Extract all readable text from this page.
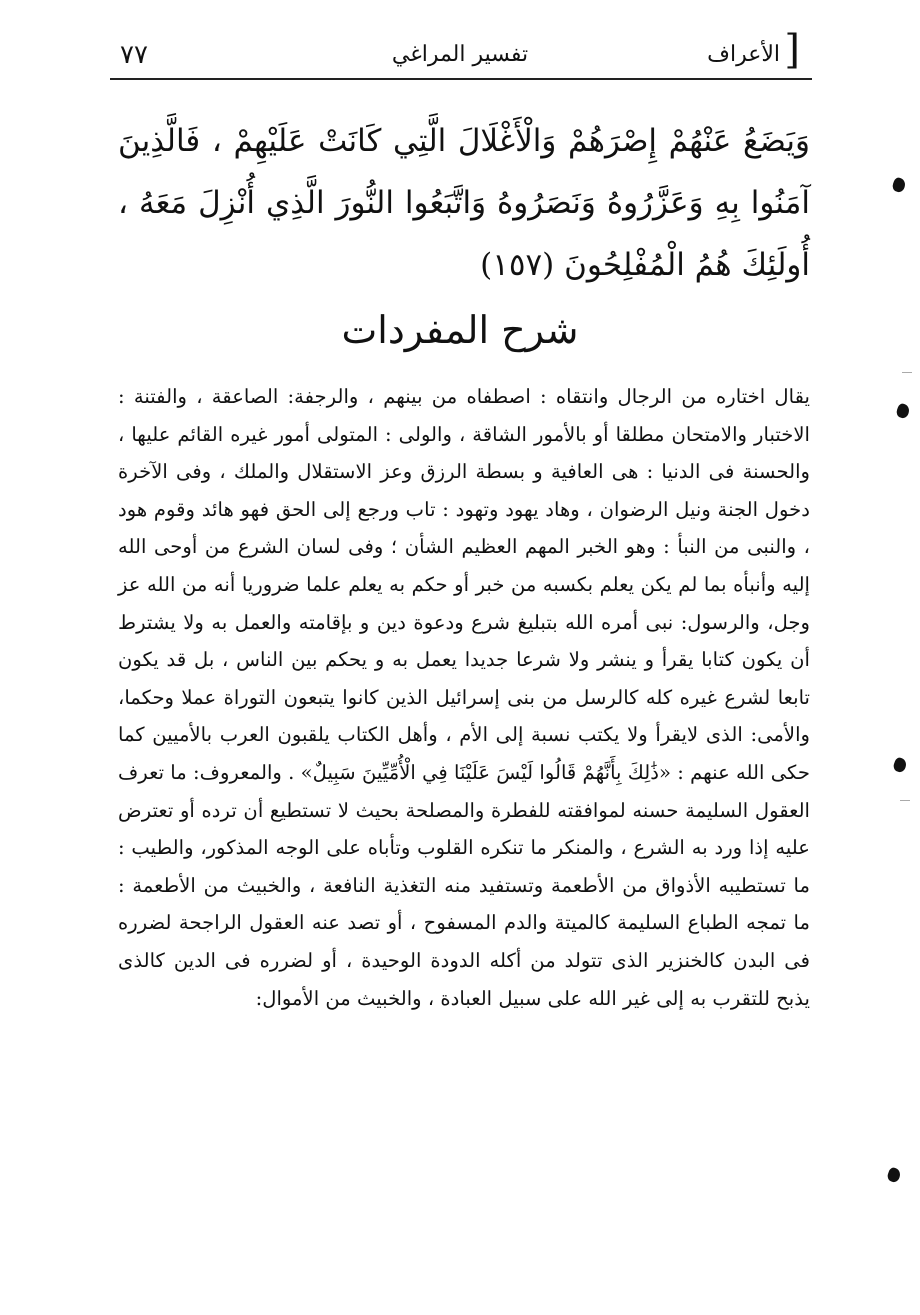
الأعراف ]
تفسير المراغي
٧٧
وَيَضَعُ عَنْهُمْ إِصْرَهُمْ وَالْأَغْلَالَ الَّتِي كَانَتْ عَلَيْهِمْ ، فَالَّذِينَ آمَنُوا بِهِ وَعَزَّرُوهُ وَنَصَرُوهُ وَاتَّبَعُوا النُّورَ الَّذِي أُنْزِلَ مَعَهُ ، أُولَئِكَ هُمُ الْمُفْلِحُونَ (١٥٧)
شرح المفردات
يقال اختاره من الرجال وانتقاه : اصطفاه من بينهم ، والرجفة: الصاعقة ، والفتنة : الاختبار والامتحان مطلقا أو بالأمور الشاقة ، والولى : المتولى أمور غيره القائم عليها ، والحسنة فى الدنيا : هى العافية و بسطة الرزق وعز الاستقلال والملك ، وفى الآخرة دخول الجنة ونيل الرضوان ، وهاد يهود وتهود : تاب ورجع إلى الحق فهو هائد وقوم هود ، والنبى من النبأ : وهو الخبر المهم العظيم الشأن ؛ وفى لسان الشرع من أوحى الله إليه وأنبأه بما لم يكن يعلم بكسبه من خبر أو حكم به يعلم علما ضروريا أنه من الله عز وجل، والرسول: نبى أمره الله بتبليغ شرع ودعوة دين و بإقامته والعمل به ولا يشترط أن يكون كتابا يقرأ و ينشر ولا شرعا جديدا يعمل به و يحكم بين الناس ، بل قد يكون تابعا لشرع غيره كله كالرسل من بنى إسرائيل الذين كانوا يتبعون التوراة عملا وحكما، والأمى: الذى لايقرأ ولا يكتب نسبة إلى الأم ، وأهل الكتاب يلقبون العرب بالأميين كما حكى الله عنهم : «ذَٰلِكَ بِأَنَّهُمْ قَالُوا لَيْسَ عَلَيْنَا فِي الْأُمِّيِّينَ سَبِيلٌ» . والمعروف: ما تعرف العقول السليمة حسنه لموافقته للفطرة والمصلحة بحيث لا تستطيع أن ترده أو تعترض عليه إذا ورد به الشرع ، والمنكر ما تنكره القلوب وتأباه على الوجه المذكور، والطيب : ما تستطيبه الأذواق من الأطعمة وتستفيد منه التغذية النافعة ، والخبيث من الأطعمة : ما تمجه الطباع السليمة كالميتة والدم المسفوح ، أو تصد عنه العقول الراجحة لضرره فى البدن كالخنزير الذى تتولد من أكله الدودة الوحيدة ، أو لضرره فى الدين كالذى يذبح للتقرب به إلى غير الله على سبيل العبادة ، والخبيث من الأموال:
